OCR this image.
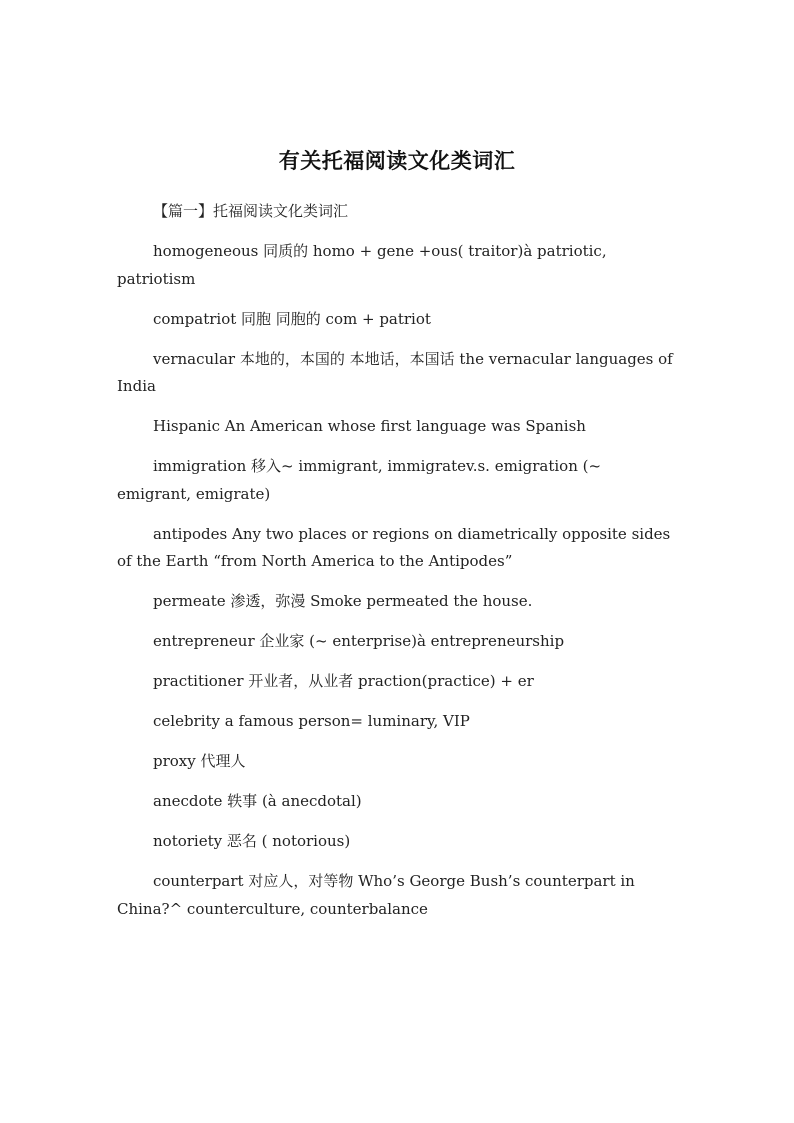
有关托福阅读文化类词汇

【篇一】托福阅读文化类词汇

homogeneous 同质的 homo + gene +ous( traitor)à patriotic, patriotism

compatriot 同胞 同胞的 com + patriot

vernacular 本地的，本国的 本地话，本国话 the vernacular languages of India

Hispanic An American whose first language was Spanish

immigration 移入~ immigrant, immigratev.s. emigration (~ emigrant, emigrate)

antipodes Any two places or regions on diametrically opposite sides of the Earth “from North America to the Antipodes”

permeate 渗透，弥漫 Smoke permeated the house.

entrepreneur 企业家 (~ enterprise)à entrepreneurship

practitioner 开业者，从业者 praction(practice) + er

celebrity a famous person= luminary, VIP

proxy 代理人

anecdote 轶事 (à anecdotal)

notoriety 恶名 ( notorious)

counterpart 对应人，对等物 Who’s George Bush’s counterpart in China?^ counterculture, counterbalance
